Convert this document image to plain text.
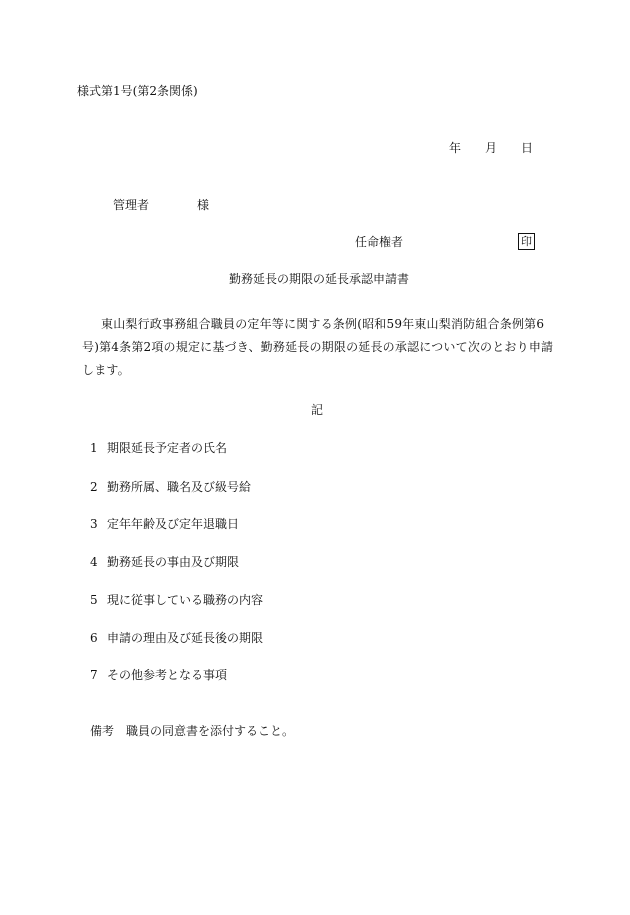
様式第1号(第2条関係)
年 月 日
管理者	様
任命権者	印
勤務延長の期限の延長承認申請書
東山梨行政事務組合職員の定年等に関する条例(昭和59年東山梨消防組合条例第6号)第4条第2項の規定に基づき、勤務延長の期限の延長の承認について次のとおり申請します。
記
1 期限延長予定者の氏名
2 勤務所属、職名及び級号給
3 定年年齢及び定年退職日
4 勤務延長の事由及び期限
5 現に従事している職務の内容
6 申請の理由及び延長後の期限
7 その他参考となる事項
備考 職員の同意書を添付すること。
